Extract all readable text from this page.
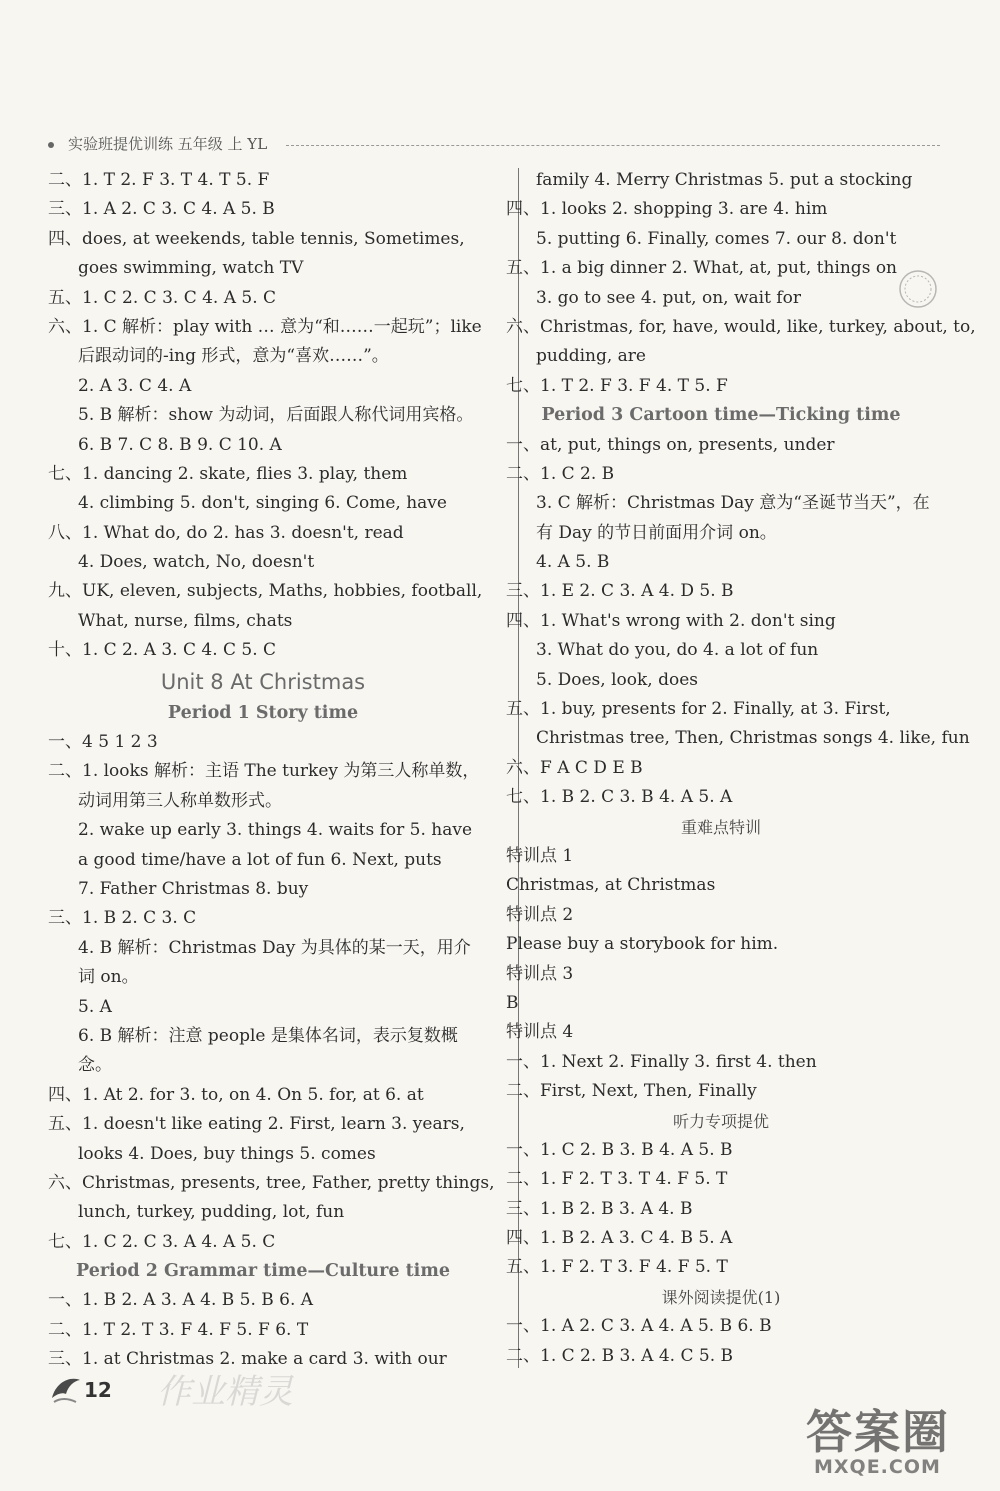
实验班提优训练 五年级 上 YL
二、1. T 2. F 3. T 4. T 5. F
三、1. A 2. C 3. C 4. A 5. B
四、does, at weekends, table tennis, Sometimes,
goes swimming, watch TV
五、1. C 2. C 3. C 4. A 5. C
六、1. C 解析：play with … 意为“和……一起玩”；like
后跟动词的-ing 形式，意为“喜欢……”。
2. A 3. C 4. A
5. B 解析：show 为动词，后面跟人称代词用宾格。
6. B 7. C 8. B 9. C 10. A
七、1. dancing 2. skate, flies 3. play, them
4. climbing 5. don't, singing 6. Come, have
八、1. What do, do 2. has 3. doesn't, read
4. Does, watch, No, doesn't
九、UK, eleven, subjects, Maths, hobbies, football,
What, nurse, films, chats
十、1. C 2. A 3. C 4. C 5. C
Unit 8 At Christmas
Period 1 Story time
一、4 5 1 2 3
二、1. looks 解析：主语 The turkey 为第三人称单数，
动词用第三人称单数形式。
2. wake up early 3. things 4. waits for 5. have
a good time/have a lot of fun 6. Next, puts
7. Father Christmas 8. buy
三、1. B 2. C 3. C
4. B 解析：Christmas Day 为具体的某一天，用介
词 on。
5. A
6. B 解析：注意 people 是集体名词，表示复数概
念。
四、1. At 2. for 3. to, on 4. On 5. for, at 6. at
五、1. doesn't like eating 2. First, learn 3. years,
looks 4. Does, buy things 5. comes
六、Christmas, presents, tree, Father, pretty things,
lunch, turkey, pudding, lot, fun
七、1. C 2. C 3. A 4. A 5. C
Period 2 Grammar time—Culture time
一、1. B 2. A 3. A 4. B 5. B 6. A
二、1. T 2. T 3. F 4. F 5. F 6. T
三、1. at Christmas 2. make a card 3. with our
family 4. Merry Christmas 5. put a stocking
四、1. looks 2. shopping 3. are 4. him
5. putting 6. Finally, comes 7. our 8. don't
五、1. a big dinner 2. What, at, put, things on
3. go to see 4. put, on, wait for
六、Christmas, for, have, would, like, turkey, about, to,
pudding, are
七、1. T 2. F 3. F 4. T 5. F
Period 3 Cartoon time—Ticking time
一、at, put, things on, presents, under
二、1. C 2. B
3. C 解析：Christmas Day 意为“圣诞节当天”，在
有 Day 的节日前面用介词 on。
4. A 5. B
三、1. E 2. C 3. A 4. D 5. B
四、1. What's wrong with 2. don't sing
3. What do you, do 4. a lot of fun
5. Does, look, does
五、1. buy, presents for 2. Finally, at 3. First,
Christmas tree, Then, Christmas songs 4. like, fun
六、F A C D E B
七、1. B 2. C 3. B 4. A 5. A
重难点特训
特训点 1
Christmas, at Christmas
特训点 2
Please buy a storybook for him.
特训点 3
B
特训点 4
一、1. Next 2. Finally 3. first 4. then
二、First, Next, Then, Finally
听力专项提优
一、1. C 2. B 3. B 4. A 5. B
二、1. F 2. T 3. T 4. F 5. T
三、1. B 2. B 3. A 4. B
四、1. B 2. A 3. C 4. B 5. A
五、1. F 2. T 3. F 4. F 5. T
课外阅读提优(1)
一、1. A 2. C 3. A 4. A 5. B 6. B
二、1. C 2. B 3. A 4. C 5. B
12 作业精灵
答案圈
MXQE.COM
